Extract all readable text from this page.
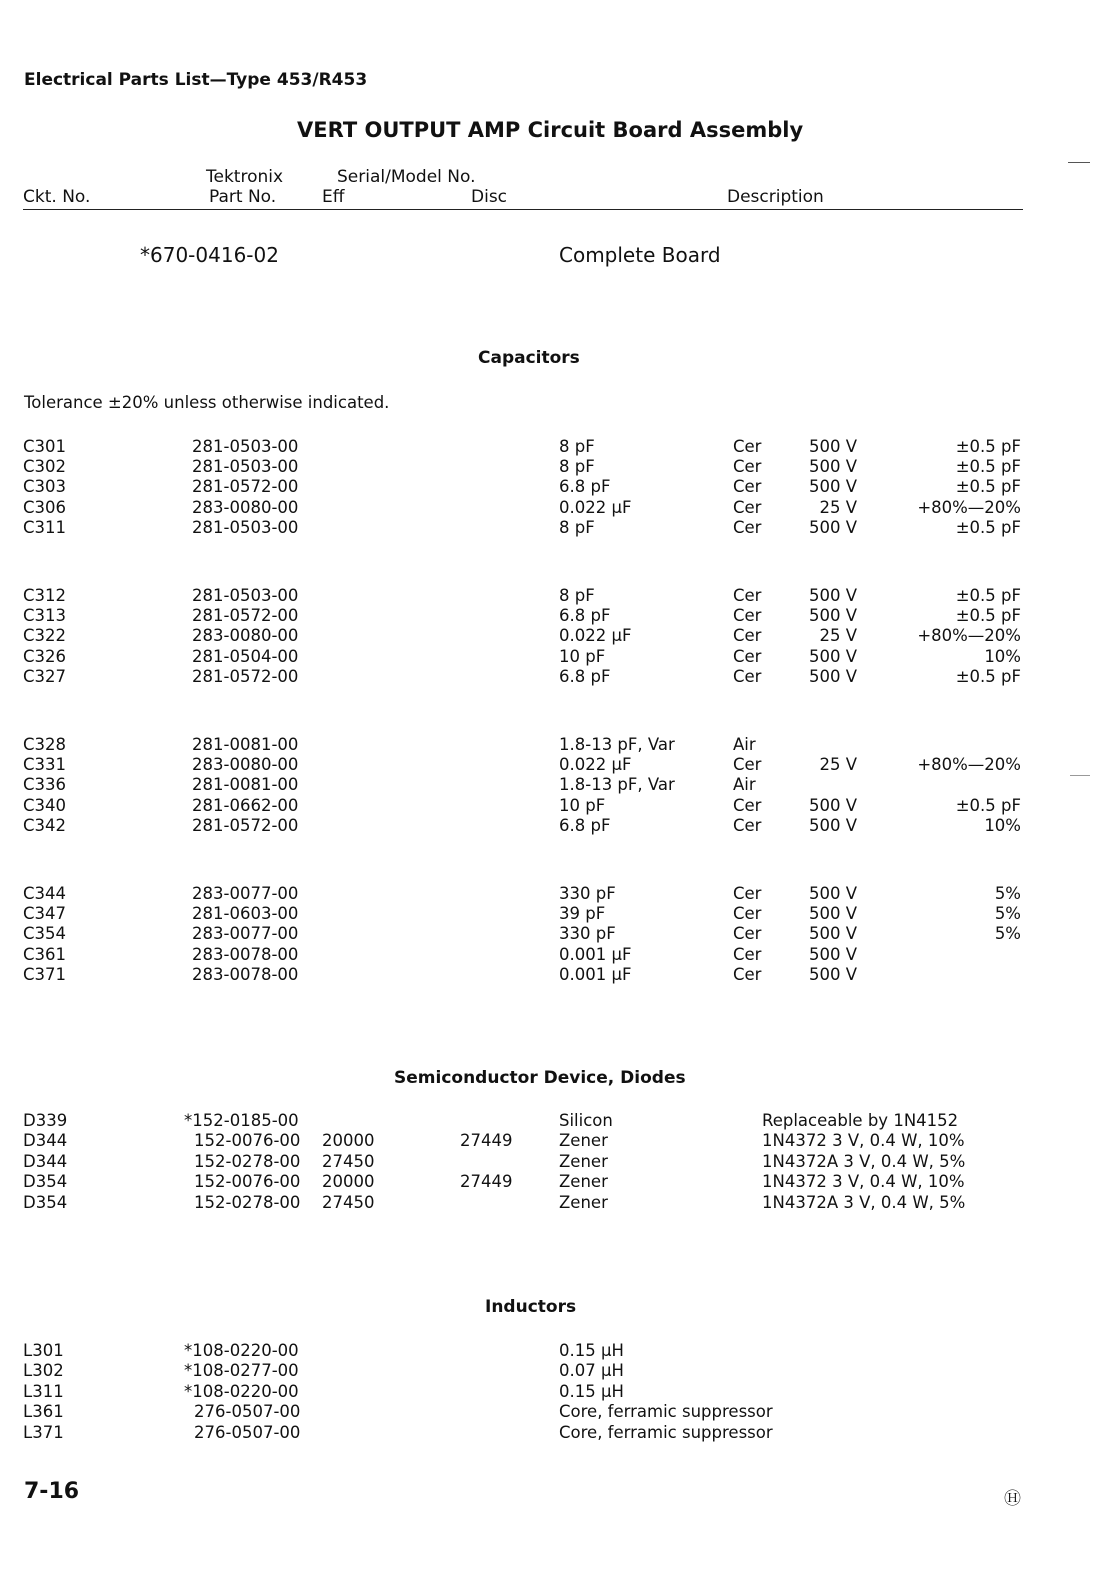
Electrical Parts List—Type 453/R453
VERT OUTPUT AMP Circuit Board Assembly
Tektronix	Serial/Model No.
Ckt. No.	Part No.	Eff	Disc	Description
*670-0416-02	Complete Board
Capacitors
Tolerance ±20% unless otherwise indicated.
C301	281-0503-00	8 pF	Cer	500 V	±0.5 pF
C302	281-0503-00	8 pF	Cer	500 V	±0.5 pF
C303	281-0572-00	6.8 pF	Cer	500 V	±0.5 pF
C306	283-0080-00	0.022 μF	Cer	25 V	+80%—20%
C311	281-0503-00	8 pF	Cer	500 V	±0.5 pF
C312	281-0503-00	8 pF	Cer	500 V	±0.5 pF
C313	281-0572-00	6.8 pF	Cer	500 V	±0.5 pF
C322	283-0080-00	0.022 μF	Cer	25 V	+80%—20%
C326	281-0504-00	10 pF	Cer	500 V	10%
C327	281-0572-00	6.8 pF	Cer	500 V	±0.5 pF
C328	281-0081-00	1.8-13 pF, Var	Air
C331	283-0080-00	0.022 μF	Cer	25 V	+80%—20%
C336	281-0081-00	1.8-13 pF, Var	Air
C340	281-0662-00	10 pF	Cer	500 V	±0.5 pF
C342	281-0572-00	6.8 pF	Cer	500 V	10%
C344	283-0077-00	330 pF	Cer	500 V	5%
C347	281-0603-00	39 pF	Cer	500 V	5%
C354	283-0077-00	330 pF	Cer	500 V	5%
C361	283-0078-00	0.001 μF	Cer	500 V
C371	283-0078-00	0.001 μF	Cer	500 V
Semiconductor Device, Diodes
D339	*152-0185-00	Silicon	Replaceable by 1N4152
D344	152-0076-00 20000	27449	Zener	1N4372 3 V, 0.4 W, 10%
D344	152-0278-00 27450	Zener	1N4372A 3 V, 0.4 W, 5%
D354	152-0076-00 20000	27449	Zener	1N4372 3 V, 0.4 W, 10%
D354	152-0278-00 27450	Zener	1N4372A 3 V, 0.4 W, 5%
Inductors
L301	*108-0220-00	0.15 μH
L302	*108-0277-00	0.07 μH
L311	*108-0220-00	0.15 μH
L361	276-0507-00	Core, ferramic suppressor
L371	276-0507-00	Core, ferramic suppressor
7-16	Ⓗ
